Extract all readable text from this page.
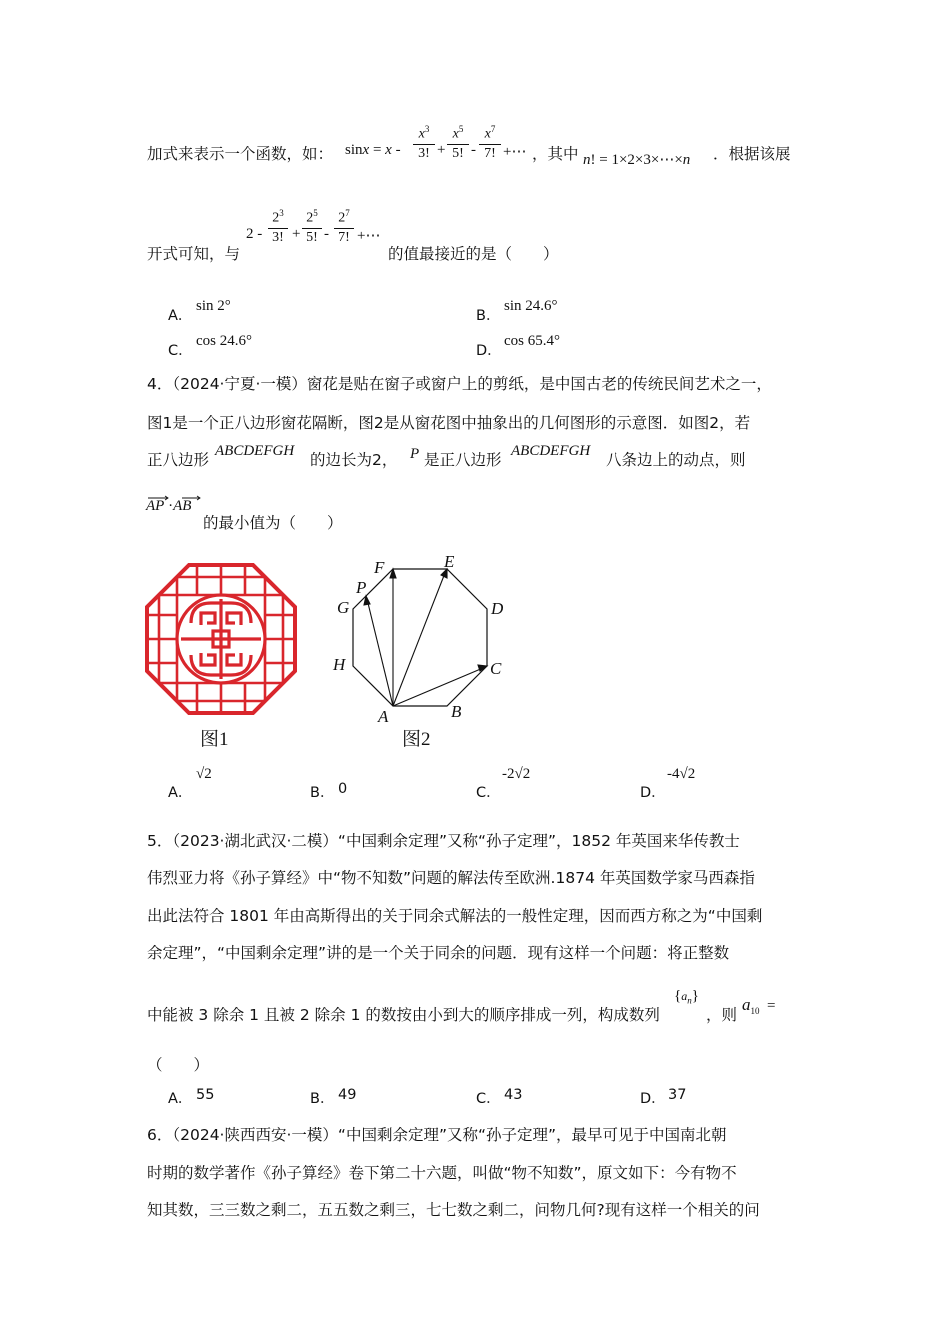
加式来表示一个函数，如： sinx = x -
$x^3$
3! +
$x^5$
5! -
$x^7$
7! +⋯ ，其中 n! = 1×2×3×⋯×n ．根据该展
开式可知，与
2 -
$2^3$
3! +
$2^5$
5! -
$2^7$
7! +⋯
的值最接近的是（　　）
A．
sin 2°
B．
sin 24.6°
C．
cos 24.6°
D．
cos 65.4°
4．（2024·宁夏·一模）窗花是贴在窗子或窗户上的剪纸，是中国古老的传统民间艺术之一，
图1是一个正八边形窗花隔断，图2是从窗花图中抽象出的几何图形的示意图．如图2，若
正八边形 ABCDEFGH 的边长为2， P 是正八边形 ABCDEFGH 八条边上的动点，则
AP ·AB
的最小值为（　　）
图1
A	B
C
D
E
F
G
H
P
图2
A．
√2
B． 0	C．
-2√2
D．
-4√2
5．（2023·湖北武汉·二模）“中国剩余定理”又称“孙子定理”，1852 年英国来华传教士
伟烈亚力将《孙子算经》中“物不知数”问题的解法传至欧洲.1874 年英国数学家马西森指
出此法符合 1801 年由高斯得出的关于同余式解法的一般性定理，因而西方称之为“中国剩
余定理”，“中国剩余定理”讲的是一个关于同余的问题．现有这样一个问题：将正整数
中能被 3 除余 1 且被 2 除余 1 的数按由小到大的顺序排成一列，构成数列
$\{a_n\}$
，则
$a_{10}$  =
（　　）
A． 55	B． 49	C． 43	D． 37
6．（2024·陕西西安·一模）“中国剩余定理”又称“孙子定理”，最早可见于中国南北朝
时期的数学著作《孙子算经》卷下第二十六题，叫做“物不知数”，原文如下：今有物不
知其数，三三数之剩二，五五数之剩三，七七数之剩二，问物几何?现有这样一个相关的问
